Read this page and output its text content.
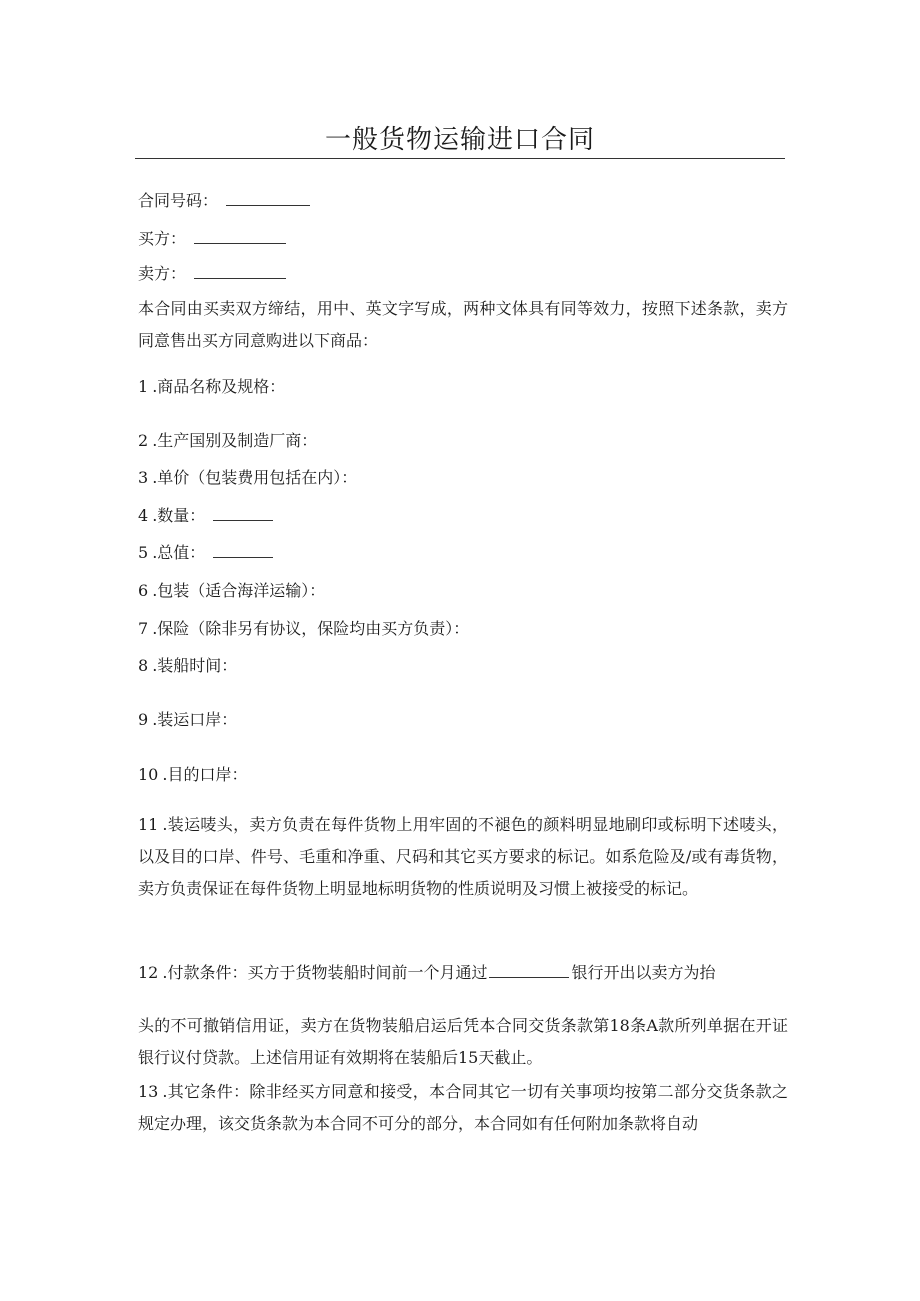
一般货物运输进口合同
合同号码：
买方：
卖方：
本合同由买卖双方缔结，用中、英文字写成，两种文体具有同等效力，按照下述条款，卖方同意售出买方同意购进以下商品：
1 .商品名称及规格：
2 .生产国别及制造厂商：
3 .单价（包装费用包括在内）：
4 .数量：
5 .总值：
6 .包装（适合海洋运输）：
7 .保险（除非另有协议，保险均由买方负责）：
8 .装船时间：
9 .装运口岸：
10 .目的口岸：
11 .装运唛头，卖方负责在每件货物上用牢固的不褪色的颜料明显地刷印或标明下述唛头，以及目的口岸、件号、毛重和净重、尺码和其它买方要求的标记。如系危险及/或有毒货物，卖方负责保证在每件货物上明显地标明货物的性质说明及习惯上被接受的标记。
12 .付款条件：买方于货物装船时间前一个月通过	银行开出以卖方为抬
头的不可撤销信用证，卖方在货物装船启运后凭本合同交货条款第18条A款所列单据在开证银行议付贷款。上述信用证有效期将在装船后15天截止。
13 .其它条件：除非经买方同意和接受，本合同其它一切有关事项均按第二部分交货条款之规定办理，该交货条款为本合同不可分的部分，本合同如有任何附加条款将自动
